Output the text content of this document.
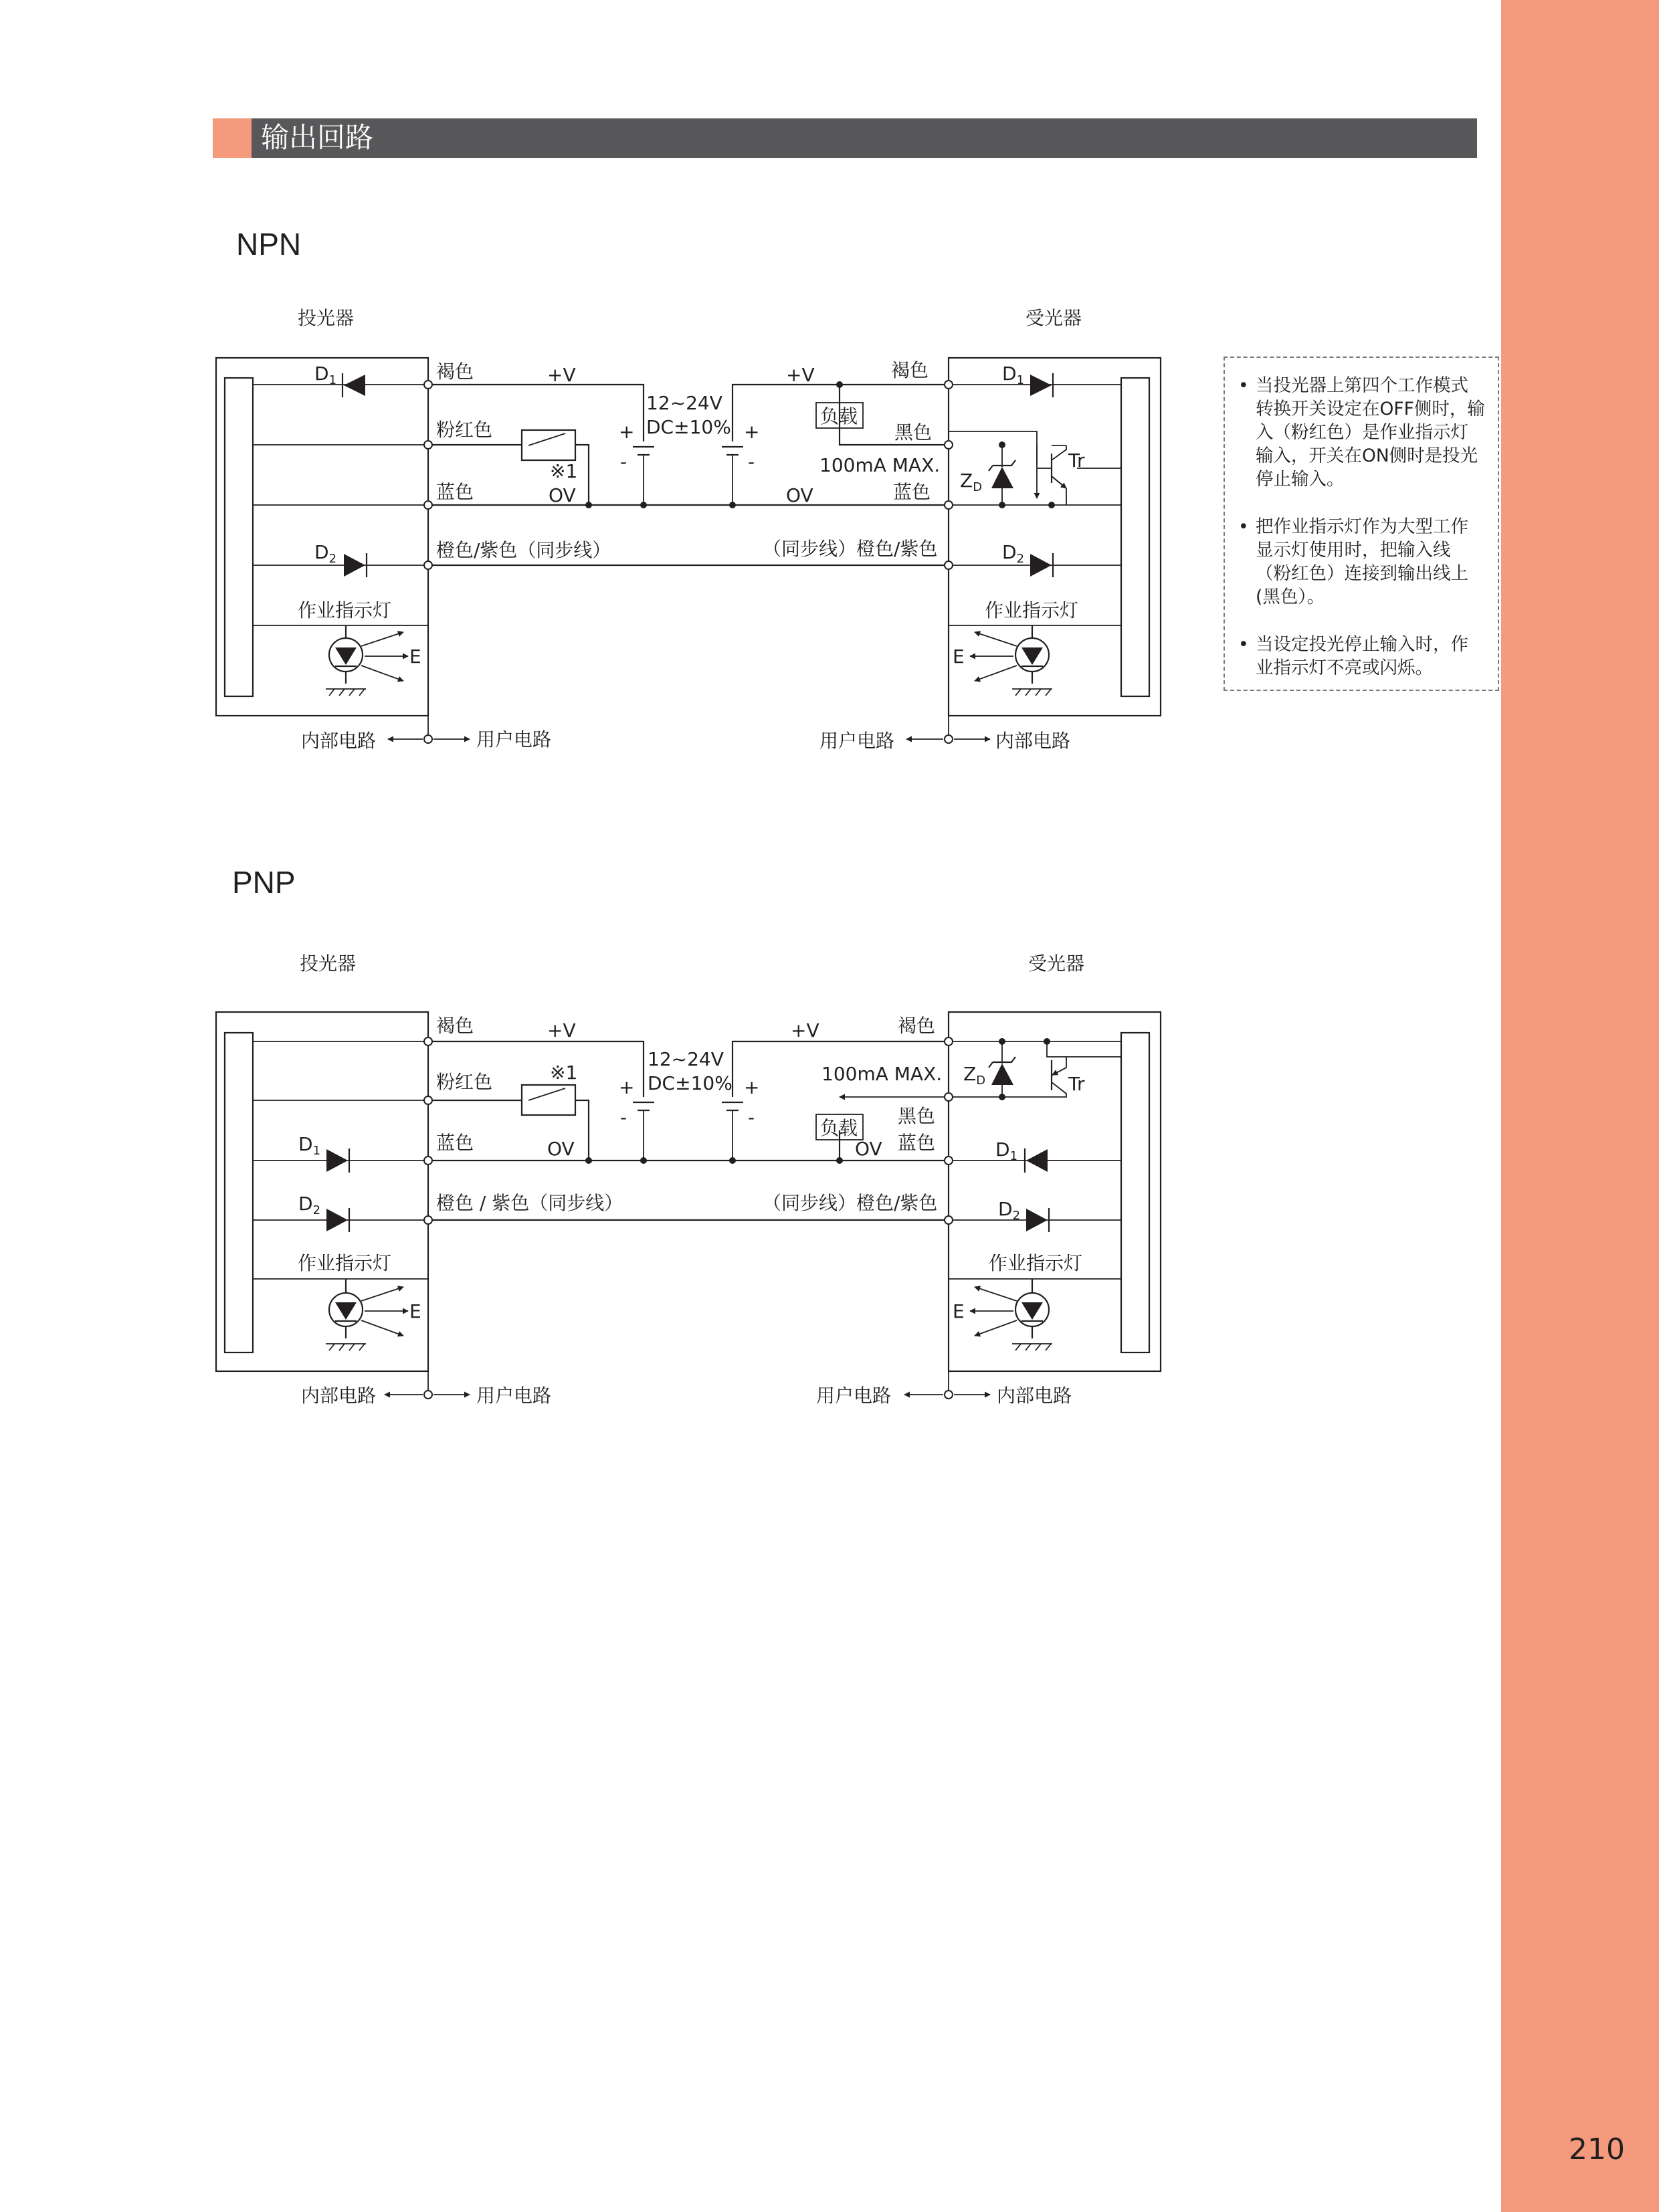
210
输出回路
NPN
PNP
投光器	受光器
$D_1$
$D_2$
作业指示灯
E
$D_1$
$D_2$
$Z_D$
Tr
作业指示灯
E
※1
+
-
+
-
12~24V
DC±10%	负载
褐色
粉红色
蓝色
橙色/紫色（同步线）
+V
OV
+V
OV
褐色
黑色
100mA MAX.
蓝色
（同步线）橙色/紫色
内部电路	用户电路	用户电路	内部电路
投光器	受光器
$D_1$
$D_2$
作业指示灯
E
$D_1$
$D_2$
$Z_D$	Tr
作业指示灯
E
※1
+
-
+
-
12~24V
DC±10%
负载
褐色
粉红色
蓝色
橙色 / 紫色（同步线）
+V
OV
+V
OV
褐色
100mA MAX.
黑色
蓝色
（同步线）橙色/紫色
内部电路	用户电路	用户电路	内部电路
• 当投光器上第四个工作模式转换开关设定在OFF侧时，输入（粉红色）是作业指示灯输入，开关在ON侧时是投光停止输入。
• 把作业指示灯作为大型工作显示灯使用时，把输入线（粉红色）连接到输出线上(黑色）。
• 当设定投光停止输入时，作业指示灯不亮或闪烁。
